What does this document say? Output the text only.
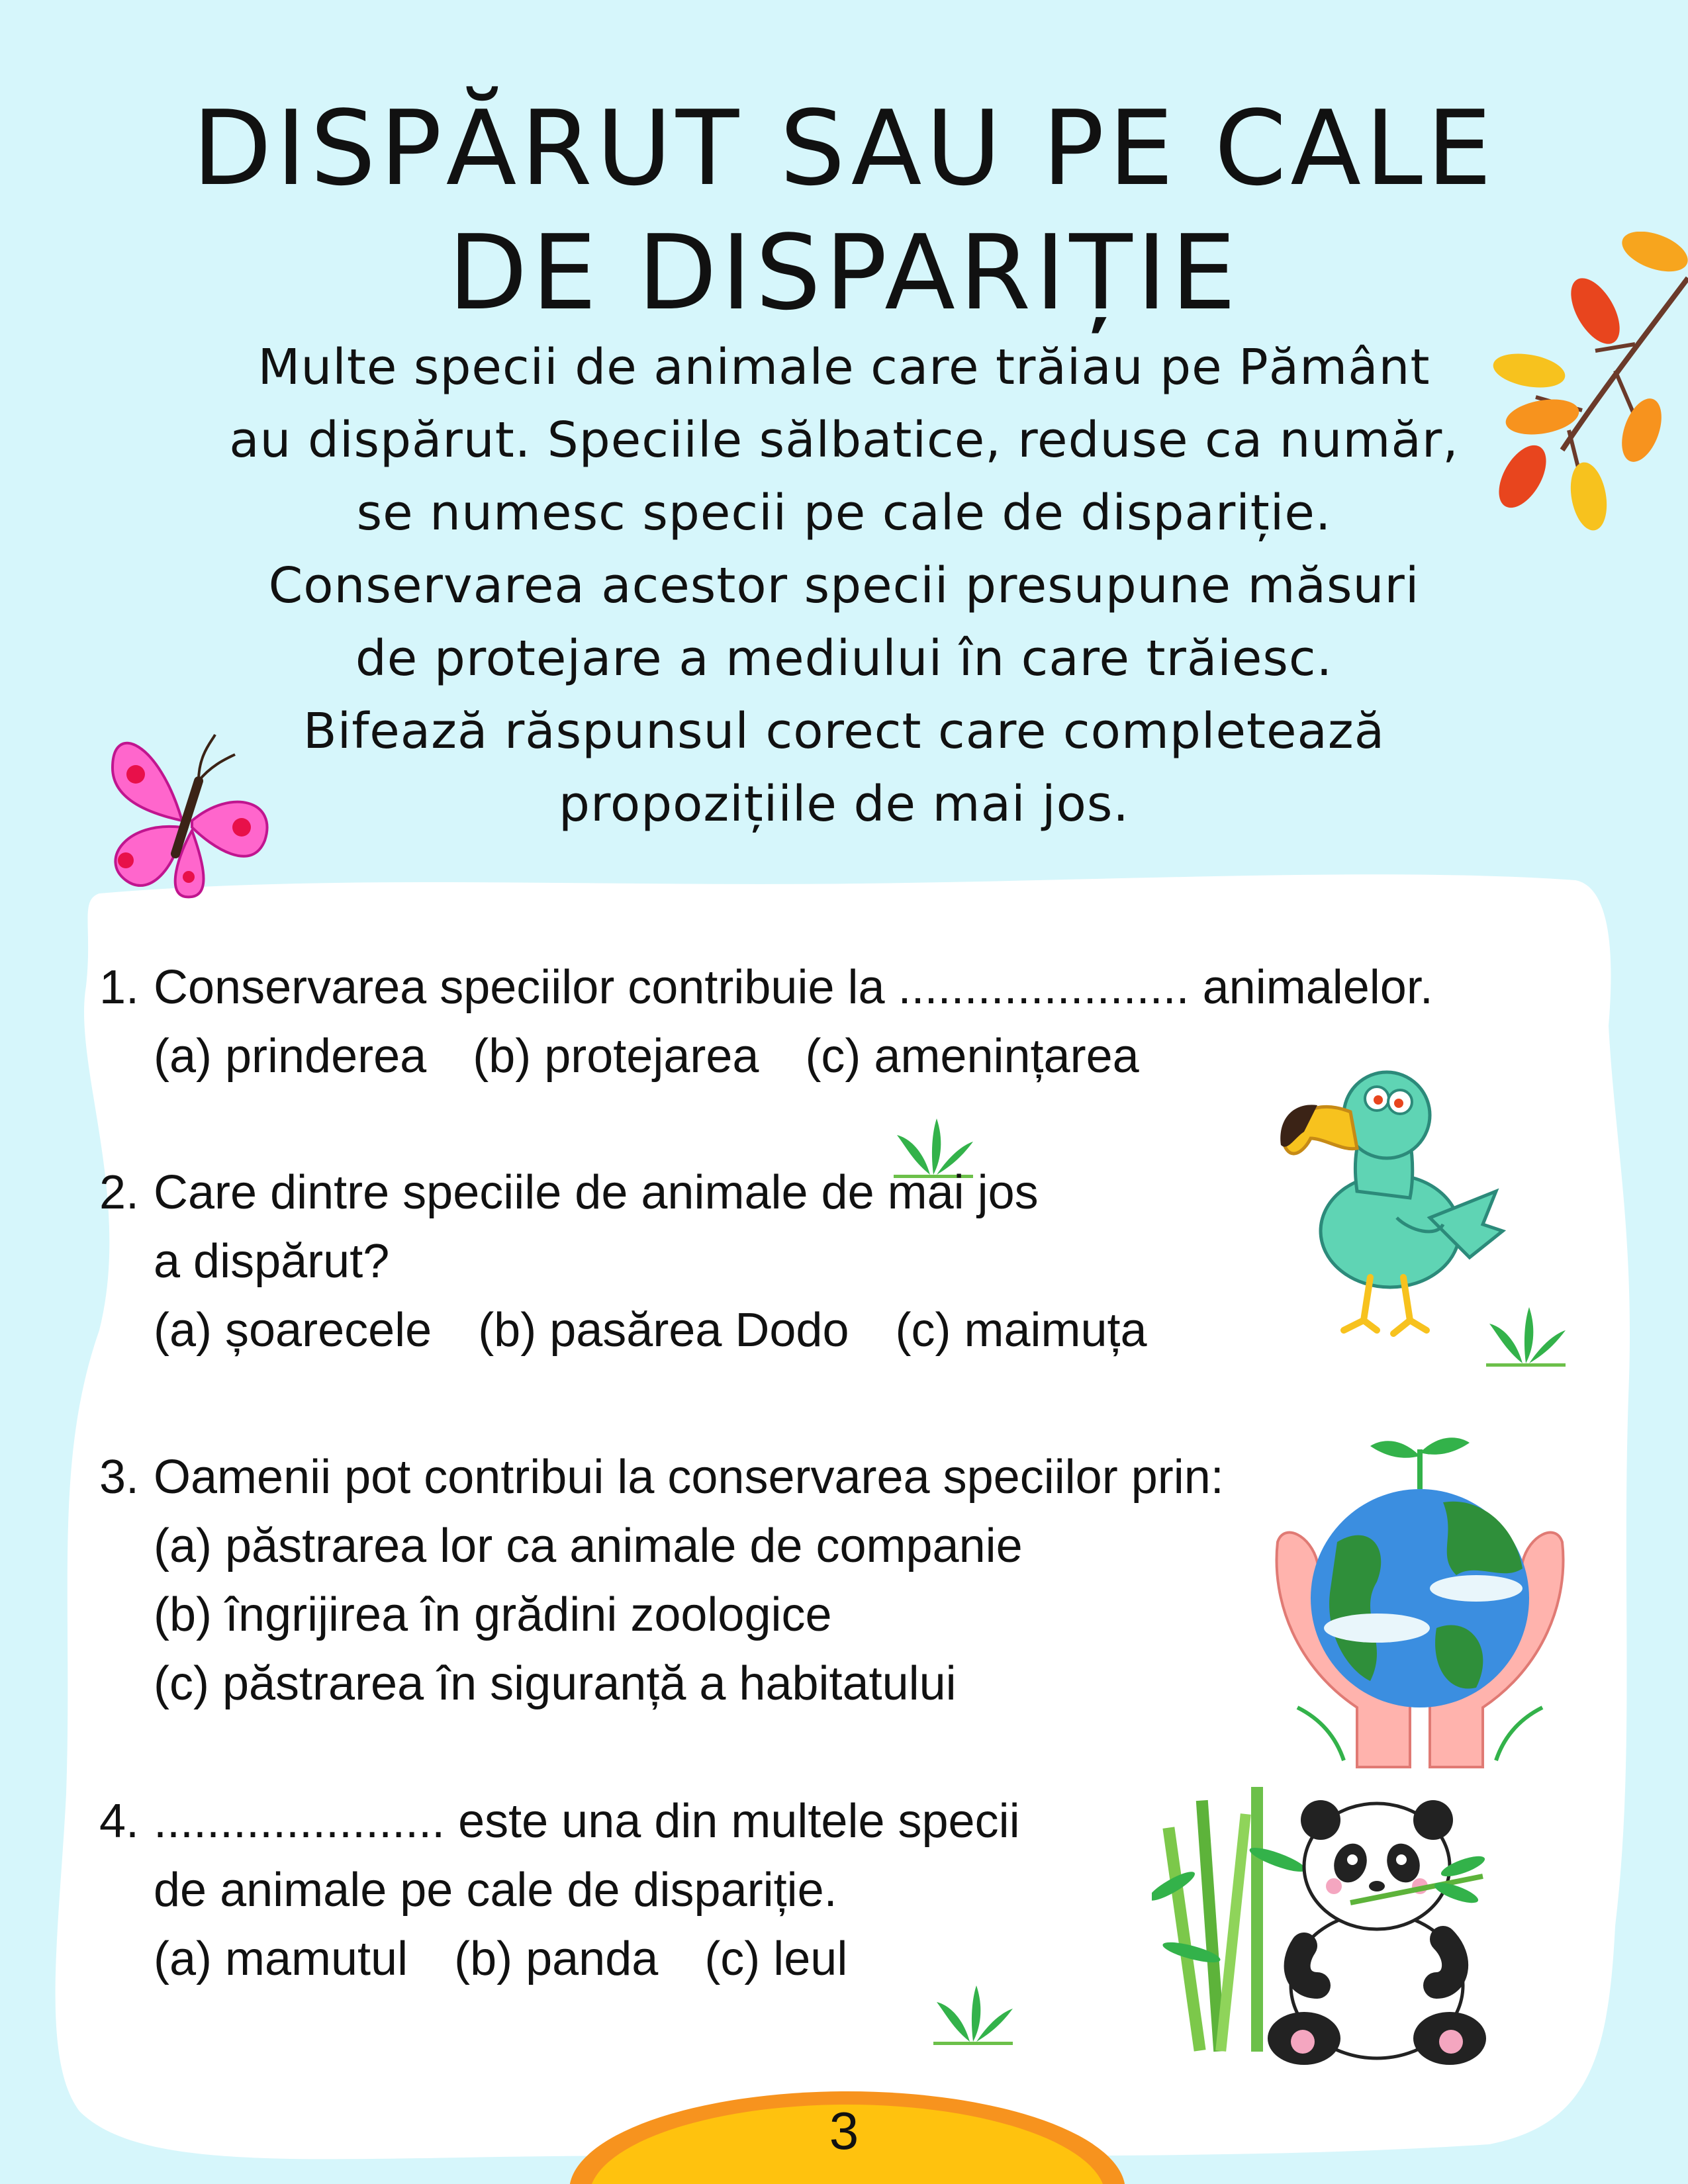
3
DISPĂRUT SAU PE CALE
DE DISPARIȚIE
Multe specii de animale care trăiau pe Pământ
au dispărut. Speciile sălbatice, reduse ca număr,
se numesc specii pe cale de dispariție.
Conservarea acestor specii presupune măsuri
de protejare a mediului în care trăiesc.
Bifează răspunsul corect care completează
propozițiile de mai jos.
1. Conservarea speciilor contribuie la ...................... animalelor.
(a) prinderea (b) protejarea (c) amenințarea
2. Care dintre speciile de animale de mai jos
a dispărut?
(a) șoarecele (b) pasărea Dodo (c) maimuța
3. Oamenii pot contribui la conservarea speciilor prin:
(a) păstrarea lor ca animale de companie
(b) îngrijirea în grădini zoologice
(c) păstrarea în siguranță a habitatului
4. ...................... este una din multele specii
de animale pe cale de dispariție.
(a) mamutul (b) panda (c) leul
